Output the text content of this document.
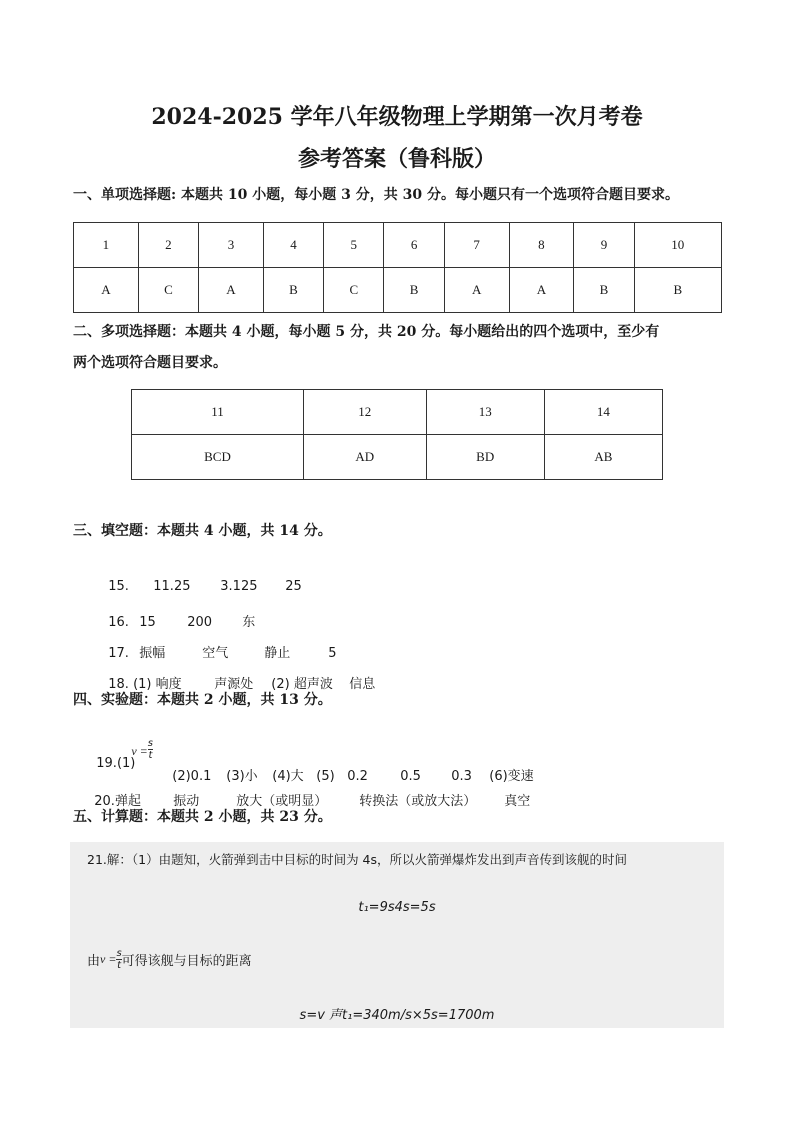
2024-2025 学年八年级物理上学期第一次月考卷
参考答案（鲁科版）
一、单项选择题: 本题共 10 小题，每小题 3 分，共 30 分。每小题只有一个选项符合题目要求。
1	2	3	4	5	6	7	8	9	10
A	C	A	B	C	B	A	A	B	B
二、多项选择题：本题共 4 小题，每小题 5 分，共 20 分。每小题给出的四个选项中，至少有
两个选项符合题目要求。
11	12	13	14
BCD	AD	BD	AB
三、填空题：本题共 4 小题，共 14 分。

15. 11.25 3.125 25

16. 15 200 东

17. 振幅	空气	静止	5

18. (1) 响度	声源处 (2) 超声波 信息

四、实验题：本题共 2 小题，共 13 分。

$19.(1)v = \frac{s}{t}$

(2)0.1 (3)小 (4)大 (5) 0.2 0.5 0.3 (6)变速

20.弹起 振动	放大（或明显） 转换法（或放大法） 真空

五、计算题：本题共 2 小题，共 23 分。
21.解：（1）由题知，火箭弹到击中目标的时间为 4s，所以火箭弹爆炸发出到声音传到该舰的时间
t₁=9s4s=5s
由$v = \frac{s}{t}$ 可得该舰与目标的距离
s=v 声t₁=340m/s×5s=1700m
